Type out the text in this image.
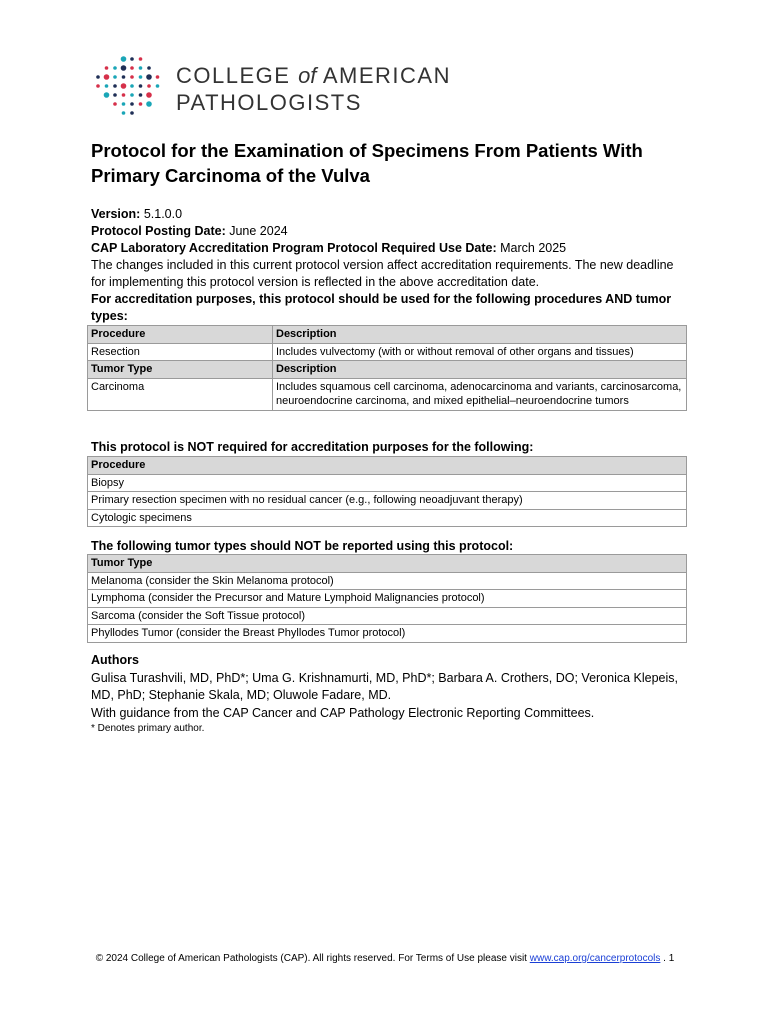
COLLEGE of AMERICAN
PATHOLOGISTS
Protocol for the Examination of Specimens From Patients With Primary Carcinoma of the Vulva

Version: 5.1.0.0

Protocol Posting Date: June 2024

CAP Laboratory Accreditation Program Protocol Required Use Date: March 2025

The changes included in this current protocol version affect accreditation requirements. The new deadline for implementing this protocol version is reflected in the above accreditation date.

For accreditation purposes, this protocol should be used for the following procedures AND tumor types:

Procedure	Description
Resection	Includes vulvectomy (with or without removal of other organs and tissues)
Tumor Type	Description
Carcinoma	Includes squamous cell carcinoma, adenocarcinoma and variants, carcinosarcoma, neuroendocrine carcinoma, and mixed epithelial–neuroendocrine tumors
This protocol is NOT required for accreditation purposes for the following:
Procedure
Biopsy
Primary resection specimen with no residual cancer (e.g., following neoadjuvant therapy)
Cytologic specimens
The following tumor types should NOT be reported using this protocol:
Tumor Type
Melanoma (consider the Skin Melanoma protocol)
Lymphoma (consider the Precursor and Mature Lymphoid Malignancies protocol)
Sarcoma (consider the Soft Tissue protocol)
Phyllodes Tumor (consider the Breast Phyllodes Tumor protocol)
Authors

Gulisa Turashvili, MD, PhD*; Uma G. Krishnamurti, MD, PhD*; Barbara A. Crothers, DO; Veronica Klepeis, MD, PhD; Stephanie Skala, MD; Oluwole Fadare, MD.

With guidance from the CAP Cancer and CAP Pathology Electronic Reporting Committees.

* Denotes primary author.

© 2024 College of American Pathologists (CAP). All rights reserved. For Terms of Use please visit www.cap.org/cancerprotocols . 1
